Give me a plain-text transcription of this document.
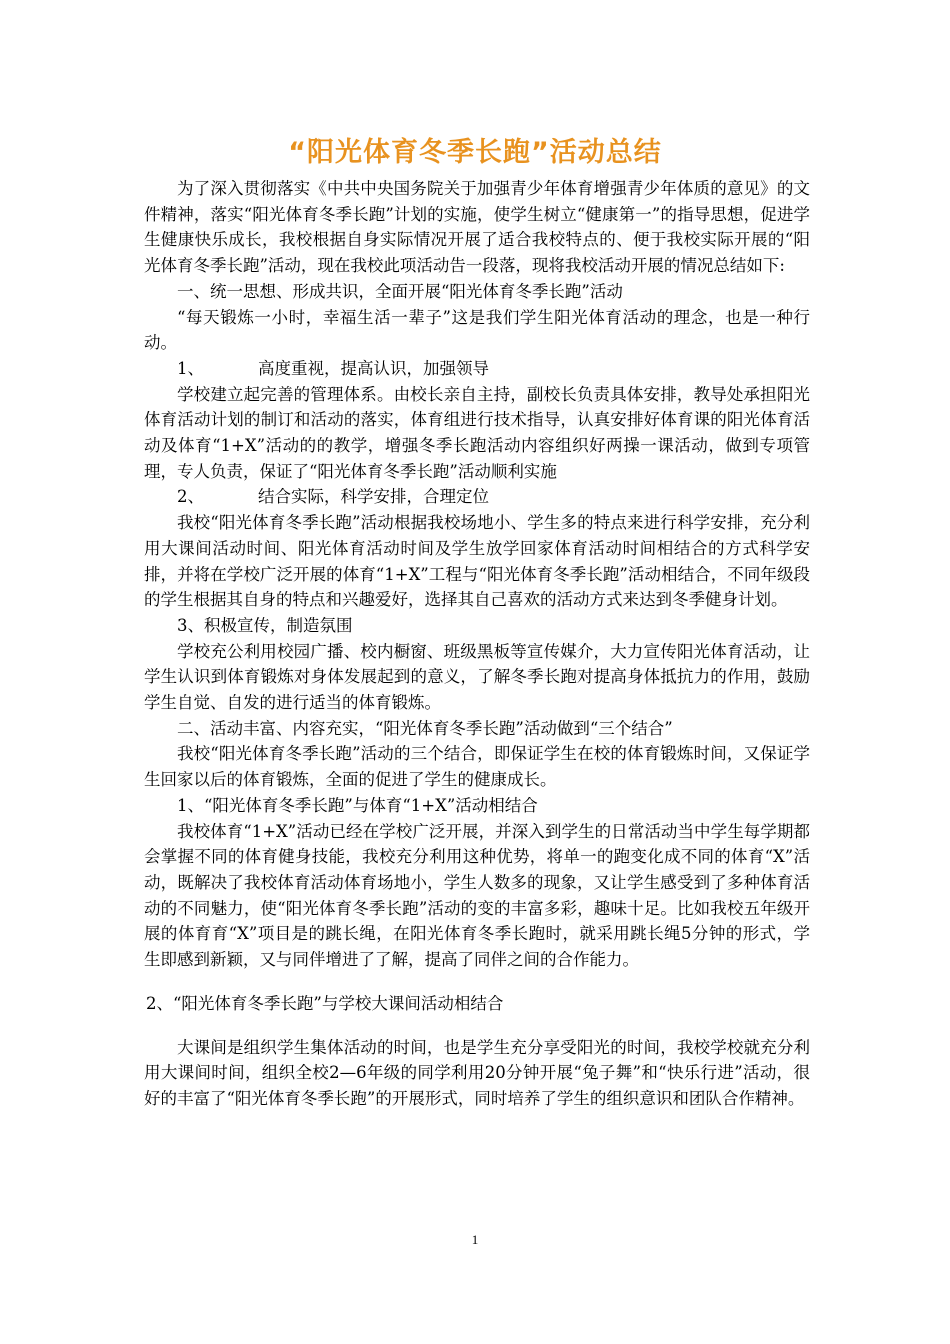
“阳光体育冬季长跑”活动总结

为了深入贯彻落实《中共中央国务院关于加强青少年体育增强青少年体质的意见》的文件精神，落实“阳光体育冬季长跑”计划的实施，使学生树立“健康第一”的指导思想，促进学生健康快乐成长，我校根据自身实际情况开展了适合我校特点的、便于我校实际开展的“阳光体育冬季长跑”活动，现在我校此项活动告一段落，现将我校活动开展的情况总结如下:

一、统一思想、形成共识，全面开展“阳光体育冬季长跑”活动

“每天锻炼一小时，幸福生活一辈子”这是我们学生阳光体育活动的理念，也是一种行动。

1、	高度重视，提高认识，加强领导

学校建立起完善的管理体系。由校长亲自主持，副校长负责具体安排，教导处承担阳光体育活动计划的制订和活动的落实，体育组进行技术指导，认真安排好体育课的阳光体育活动及体育“1+X”活动的的教学，增强冬季长跑活动内容组织好两操一课活动，做到专项管理，专人负责，保证了“阳光体育冬季长跑”活动顺利实施

2、	结合实际，科学安排，合理定位

我校“阳光体育冬季长跑”活动根据我校场地小、学生多的特点来进行科学安排，充分利用大课间活动时间、阳光体育活动时间及学生放学回家体育活动时间相结合的方式科学安排，并将在学校广泛开展的体育“1+X”工程与“阳光体育冬季长跑”活动相结合，不同年级段的学生根据其自身的特点和兴趣爱好，选择其自己喜欢的活动方式来达到冬季健身计划。

3、积极宣传，制造氛围

学校充公利用校园广播、校内橱窗、班级黑板等宣传媒介，大力宣传阳光体育活动，让学生认识到体育锻炼对身体发展起到的意义，了解冬季长跑对提高身体抵抗力的作用，鼓励学生自觉、自发的进行适当的体育锻炼。

二、活动丰富、内容充实，“阳光体育冬季长跑”活动做到“三个结合”

我校“阳光体育冬季长跑”活动的三个结合，即保证学生在校的体育锻炼时间，又保证学生回家以后的体育锻炼，全面的促进了学生的健康成长。

1、“阳光体育冬季长跑”与体育“1+X”活动相结合

我校体育“1+X”活动已经在学校广泛开展，并深入到学生的日常活动当中学生每学期都会掌握不同的体育健身技能，我校充分利用这种优势，将单一的跑变化成不同的体育“X”活动，既解决了我校体育活动体育场地小，学生人数多的现象，又让学生感受到了多种体育活动的不同魅力，使“阳光体育冬季长跑”活动的变的丰富多彩，趣味十足。比如我校五年级开展的体育育“X”项目是的跳长绳，在阳光体育冬季长跑时，就采用跳长绳5分钟的形式，学生即感到新颖，又与同伴增进了了解，提高了同伴之间的合作能力。

2、“阳光体育冬季长跑”与学校大课间活动相结合

大课间是组织学生集体活动的时间，也是学生充分享受阳光的时间，我校学校就充分利用大课间时间，组织全校2—6年级的同学利用20分钟开展“兔子舞”和“快乐行进”活动，很好的丰富了“阳光体育冬季长跑”的开展形式，同时培养了学生的组织意识和团队合作精神。

1
